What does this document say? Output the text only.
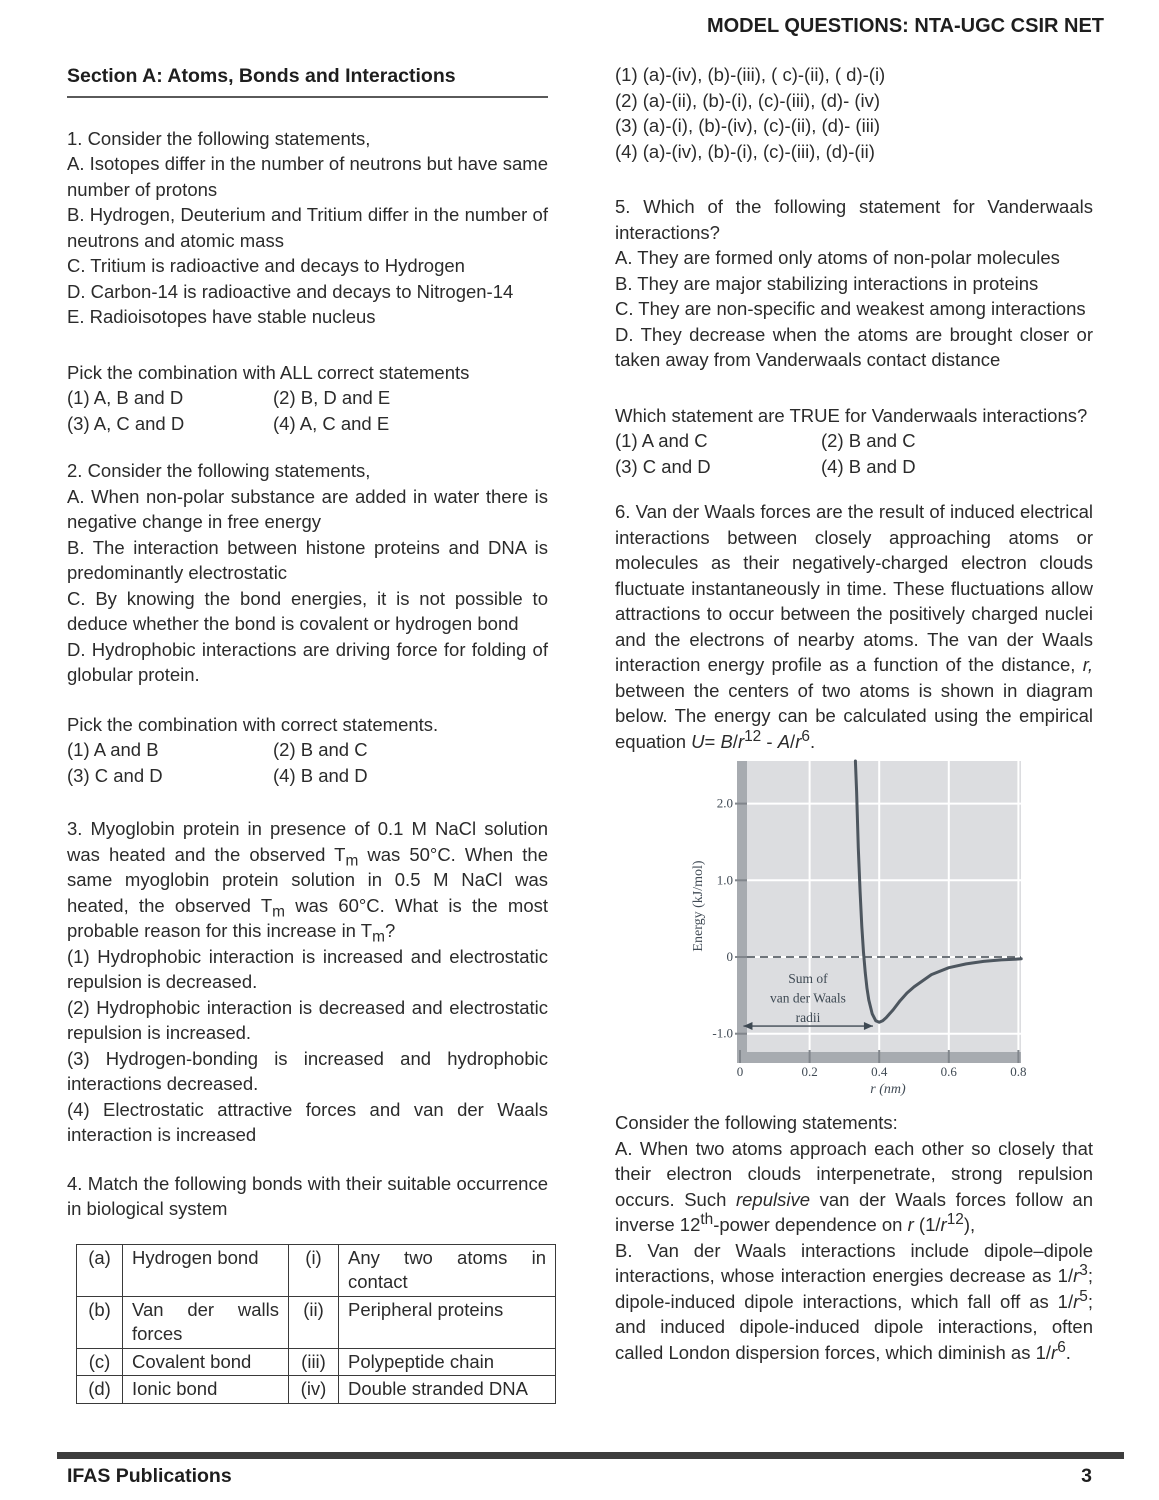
MODEL QUESTIONS: NTA-UGC CSIR NET
Section A: Atoms, Bonds and Interactions
1. Consider the following statements,
A. Isotopes differ in the number of neutrons but have same number of protons
B. Hydrogen, Deuterium and Tritium differ in the number of neutrons and atomic mass
C. Tritium is radioactive and decays to Hydrogen
D. Carbon-14 is radioactive and decays to Nitrogen-14
E. Radioisotopes have stable nucleus
Pick the combination with ALL correct statements
(1) A, B and D	(2) B, D and E
(3) A, C and D	(4) A, C and E
2. Consider the following statements,
A. When non-polar substance are added in water there is negative change in free energy
B. The interaction between histone proteins and DNA is predominantly electrostatic
C. By knowing the bond energies, it is not possible to deduce whether the bond is covalent or hydrogen bond
D. Hydrophobic interactions are driving force for folding of globular protein.
Pick the combination with correct statements.
(1) A and B	(2) B and C
(3) C and D	(4) B and D
3. Myoglobin protein in presence of 0.1 M NaCl solution was heated and the observed $T_m$ was 50°C. When the same myoglobin protein solution in 0.5 M NaCl was heated, the observed $T_m$ was 60°C. What is the most probable reason for this increase in $T_m$?
(1) Hydrophobic interaction is increased and electrostatic repulsion is decreased.
(2) Hydrophobic interaction is decreased and electrostatic repulsion is increased.
(3) Hydrogen-bonding is increased and hydrophobic interactions decreased.
(4) Electrostatic attractive forces and van der Waals interaction is increased
4. Match the following bonds with their suitable occurrence in biological system
(a)	Hydrogen bond	(i)	Any two atoms in contact
(b)	Van der walls forces	(ii)	Peripheral proteins
(c)	Covalent bond	(iii)	Polypeptide chain
(d)	Ionic bond	(iv)	Double stranded DNA
(1) (a)-(iv), (b)-(iii), ( c)-(ii), ( d)-(i)
(2) (a)-(ii), (b)-(i), (c)-(iii), (d)- (iv)
(3) (a)-(i), (b)-(iv), (c)-(ii), (d)- (iii)
(4) (a)-(iv), (b)-(i), (c)-(iii), (d)-(ii)
5. Which of the following statement for Vanderwaals interactions?
A. They are formed only atoms of non-polar molecules
B. They are major stabilizing interactions in proteins
C. They are non-specific and weakest among interactions
D. They decrease when the atoms are brought closer or taken away from Vanderwaals contact distance
Which statement are TRUE for Vanderwaals interactions?
(1) A and C	(2) B and C
(3) C and D	(4) B and D
6. Van der Waals forces are the result of induced electrical interactions between closely approaching atoms or molecules as their negatively-charged electron clouds fluctuate instantaneously in time. These fluctuations allow attractions to occur between the positively charged nuclei and the electrons of nearby atoms. The van der Waals interaction energy profile as a function of the distance, r, between the centers of two atoms is shown in diagram below. The energy can be calculated using the empirical equation $U= B/r^{12} - A/r^6$.
Sum of
van der Waals
radii
0	0.2	0.4	0.6	0.8
2.0
1.0
0
-1.0
Energy (kJ/mol)
r (nm)
Consider the following statements:
A. When two atoms approach each other so closely that their electron clouds interpenetrate, strong repulsion occurs. Such repulsive van der Waals forces follow an inverse 12th-power dependence on r $(1/r^{12})$,
B. Van der Waals interactions include dipole–dipole interactions, whose interaction energies decrease as $1/r^3$; dipole-induced dipole interactions, which fall off as $1/r^5$; and induced dipole-induced dipole interactions, often called London dispersion forces, which diminish as $1/r^6$.
IFAS Publications	3
